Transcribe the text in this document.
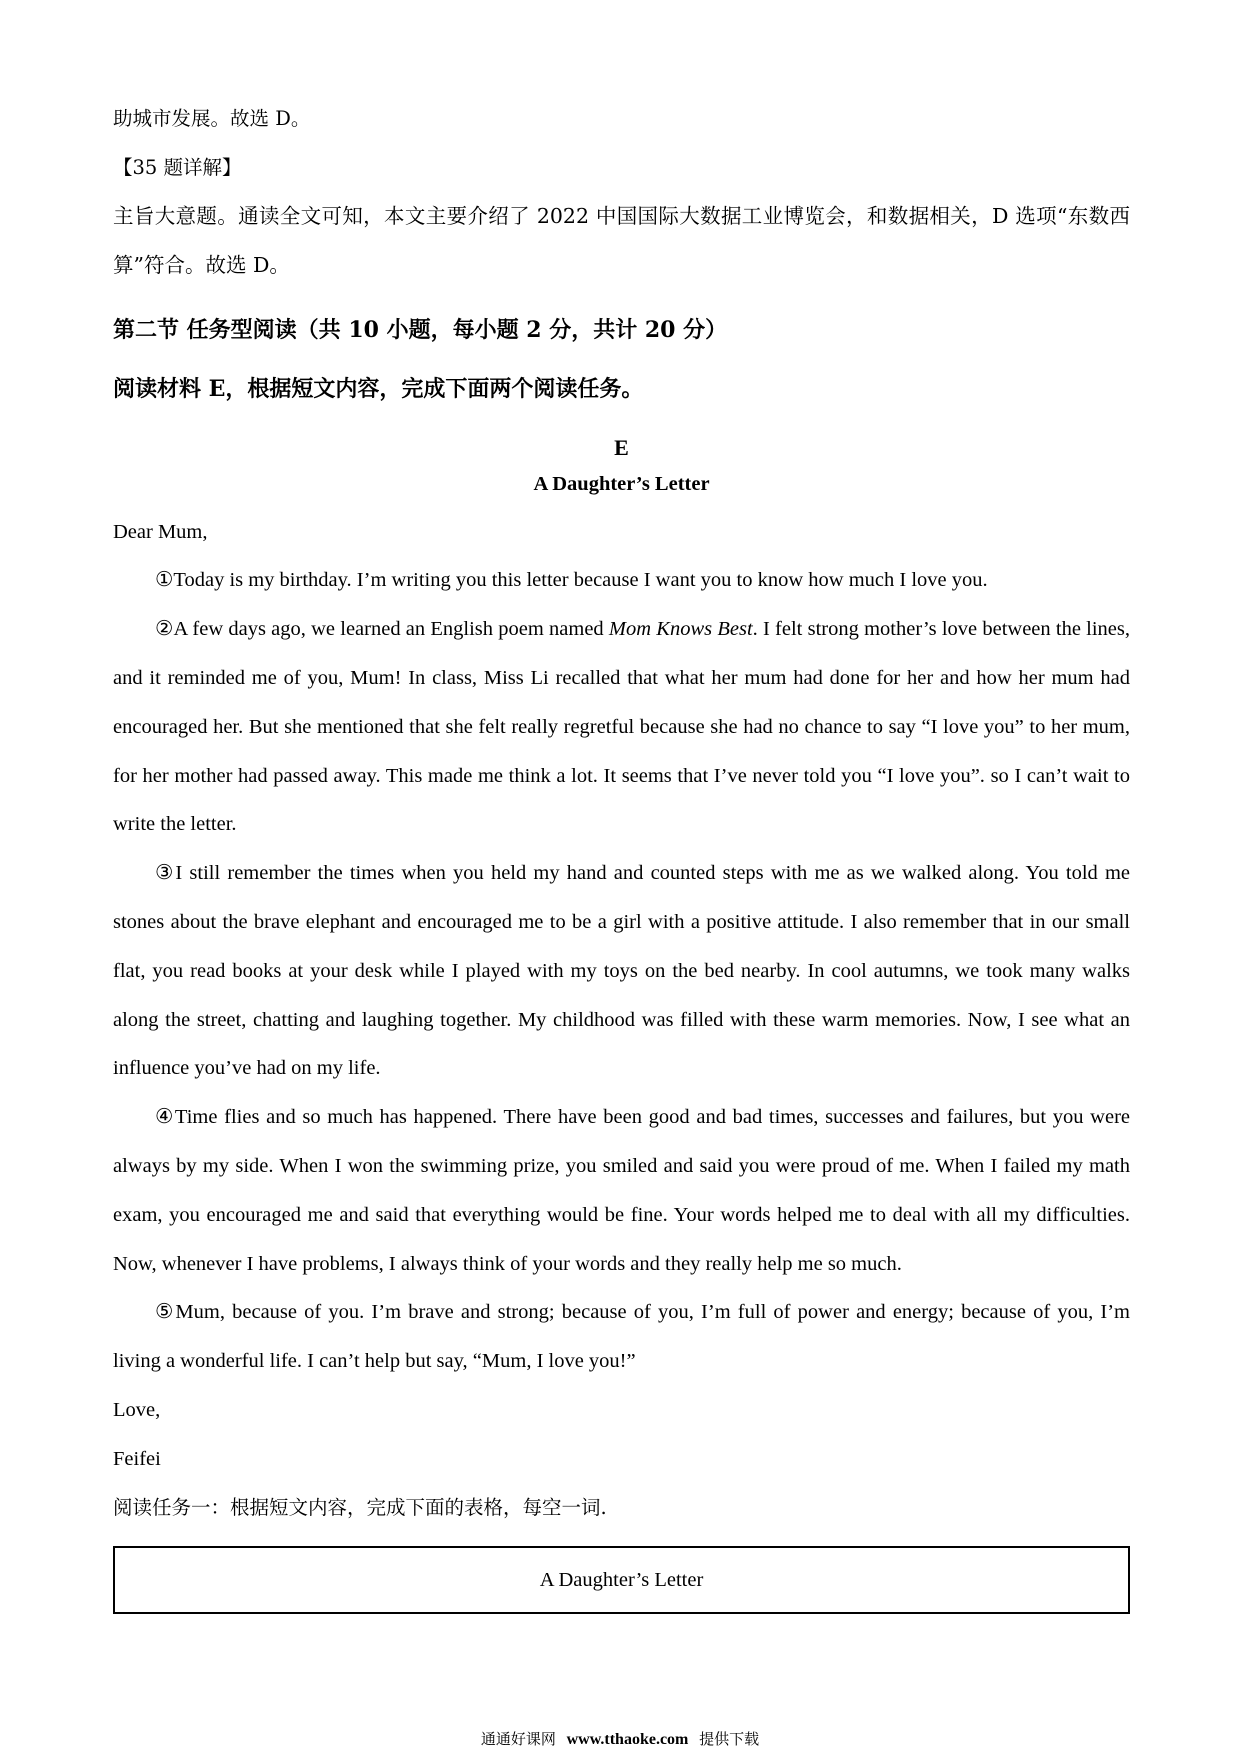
助城市发展。故选 D。

【35 题详解】

主旨大意题。通读全文可知，本文主要介绍了 2022 中国国际大数据工业博览会，和数据相关，D 选项“东数西算”符合。故选 D。

第二节 任务型阅读（共 10 小题，每小题 2 分，共计 20 分）

阅读材料 E，根据短文内容，完成下面两个阅读任务。

E
A Daughter’s Letter

Dear Mum,

①Today is my birthday. I’m writing you this letter because I want you to know how much I love you.

②A few days ago, we learned an English poem named Mom Knows Best. I felt strong mother’s love between the lines, and it reminded me of you, Mum! In class, Miss Li recalled that what her mum had done for her and how her mum had encouraged her. But she mentioned that she felt really regretful because she had no chance to say “I love you” to her mum, for her mother had passed away. This made me think a lot. It seems that I’ve never told you “I love you”. so I can’t wait to write the letter.

③I still remember the times when you held my hand and counted steps with me as we walked along. You told me stones about the brave elephant and encouraged me to be a girl with a positive attitude. I also remember that in our small flat, you read books at your desk while I played with my toys on the bed nearby. In cool autumns, we took many walks along the street, chatting and laughing together. My childhood was filled with these warm memories. Now, I see what an influence you’ve had on my life.

④Time flies and so much has happened. There have been good and bad times, successes and failures, but you were always by my side. When I won the swimming prize, you smiled and said you were proud of me. When I failed my math exam, you encouraged me and said that everything would be fine. Your words helped me to deal with all my difficulties. Now, whenever I have problems, I always think of your words and they really help me so much.

⑤Mum, because of you. I’m brave and strong; because of you, I’m full of power and energy; because of you, I’m living a wonderful life. I can’t help but say, “Mum, I love you!”

Love,

Feifei

阅读任务一：根据短文内容，完成下面的表格，每空一词.

A Daughter’s Letter
通通好课网 www.tthaoke.com 提供下载
